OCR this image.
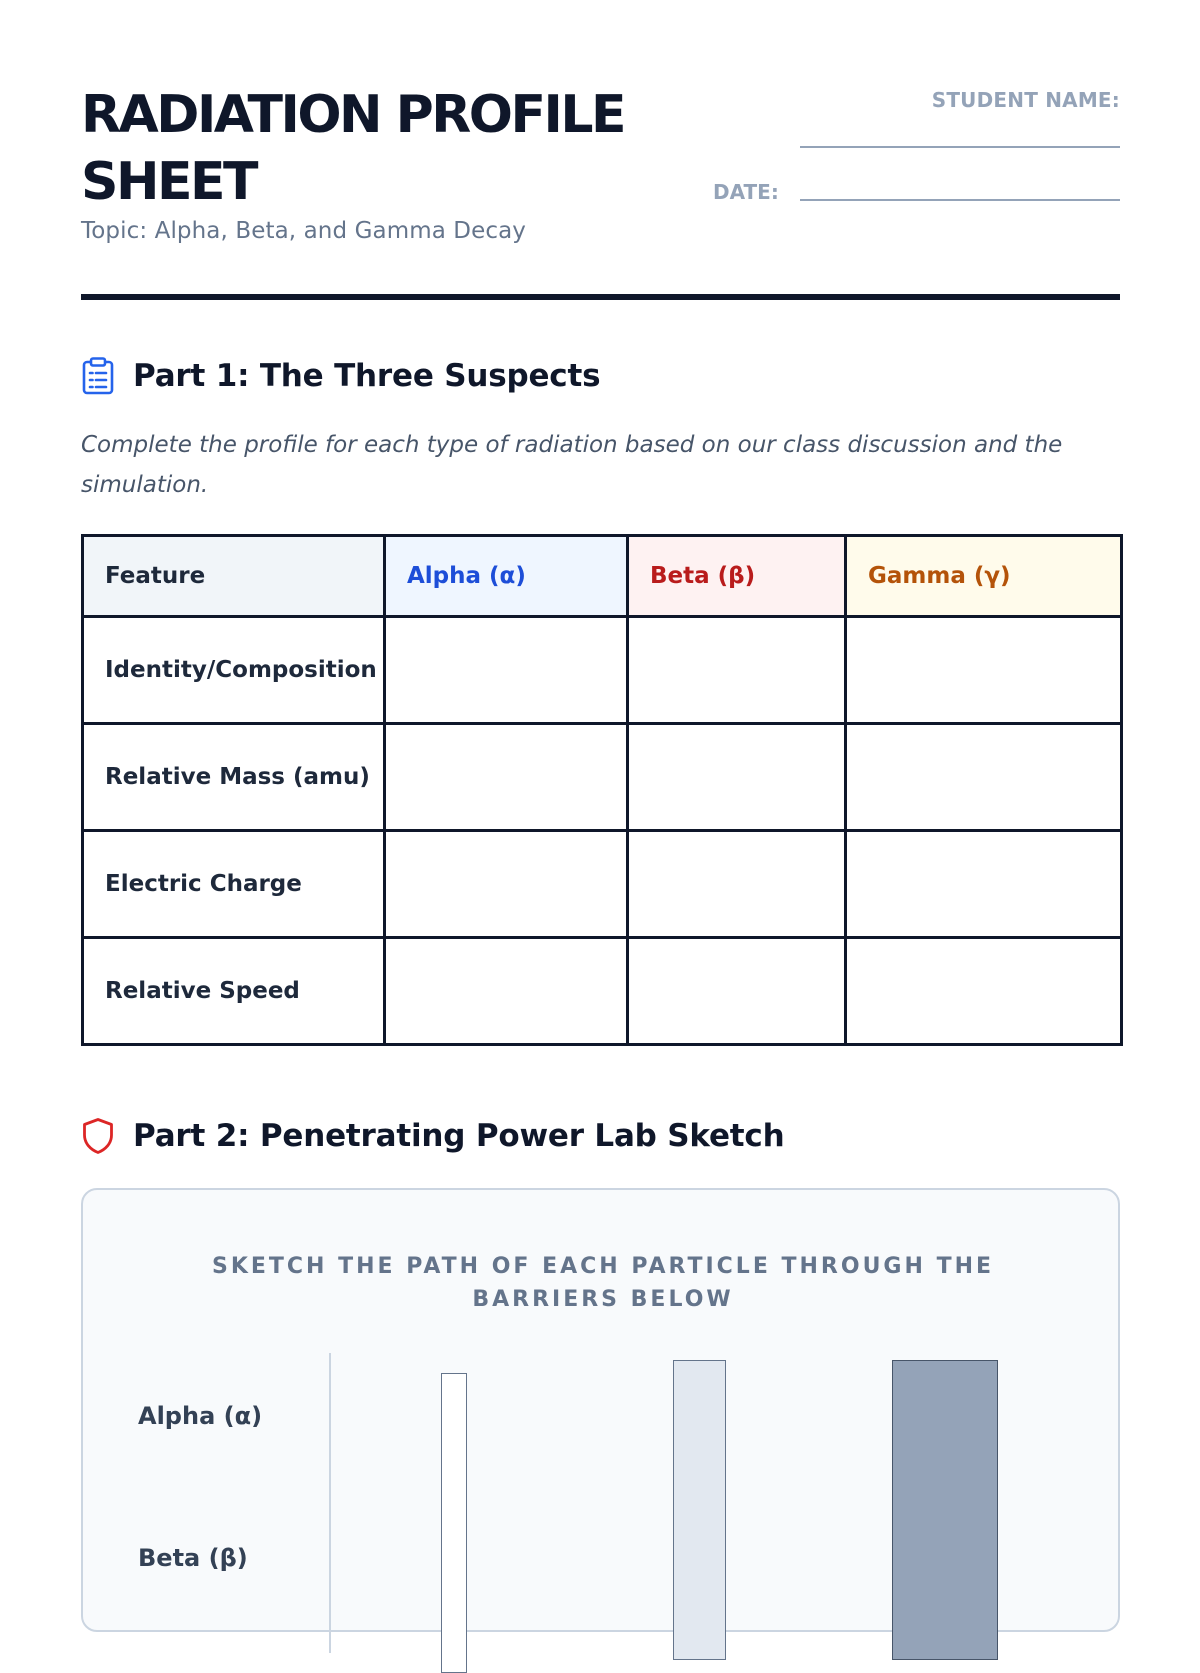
RADIATION PROFILE SHEET
Topic: Alpha, Beta, and Gamma Decay
STUDENT NAME:
DATE:
Part 1: The Three Suspects
Complete the profile for each type of radiation based on our class discussion and the simulation.
Feature	Alpha (α)	Beta (β)	Gamma (γ)
Identity/Composition			
Relative Mass (amu)			
Electric Charge			
Relative Speed			
Part 2: Penetrating Power Lab Sketch
SKETCH THE PATH OF EACH PARTICLE THROUGH THE BARRIERS BELOW
Alpha (α)
Beta (β)
